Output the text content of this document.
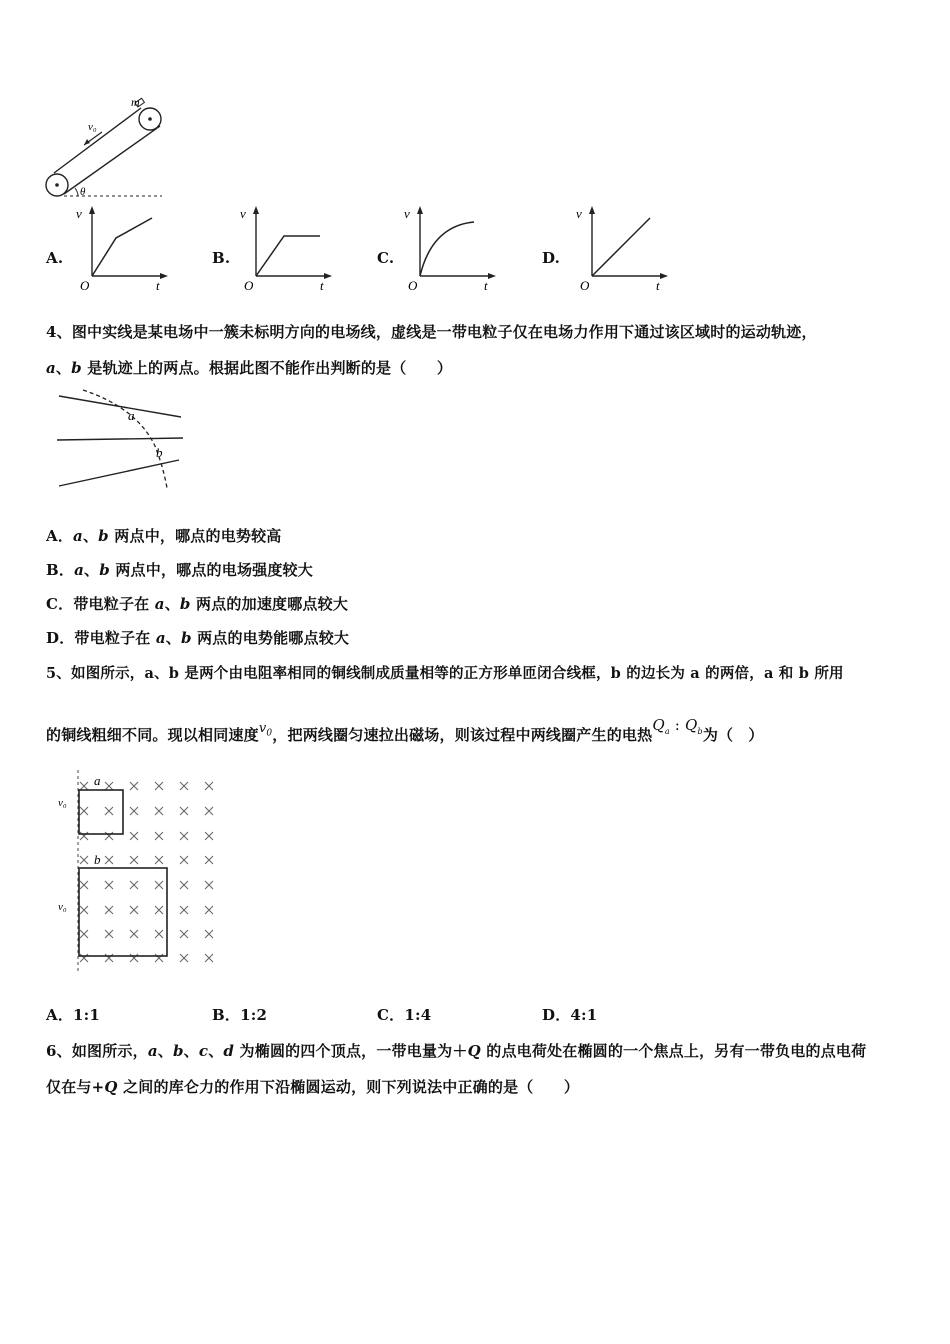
m
v₀
θ
A.
v
O	t
B.
v
O	t
C.
v
O	t
D.
v
O	t
4、图中实线是某电场中一簇未标明方向的电场线，虚线是一带电粒子仅在电场力作用下通过该区域时的运动轨迹，
a、b 是轨迹上的两点。根据此图不能作出判断的是（　　）
a
b
A．a、b 两点中，哪点的电势较高
B．a、b 两点中，哪点的电场强度较大
C．带电粒子在 a、b 两点的加速度哪点较大
D．带电粒子在 a、b 两点的电势能哪点较大
5、如图所示，a、b 是两个由电阻率相同的铜线制成质量相等的正方形单匝闭合线框，b 的边长为 a 的两倍，a 和 b 所用
的铜线粗细不同。现以相同速度$v_0$，把两线圈匀速拉出磁场，则该过程中两线圈产生的电热$Q_a$ : $Q_b$为（　）
a
b
v₀
v₀
A．1:1	B．1:2	C．1:4	D．4:1
6、如图所示，a、b、c、d 为椭圆的四个顶点，一带电量为＋Q 的点电荷处在椭圆的一个焦点上，另有一带负电的点电荷
仅在与+Q 之间的库仑力的作用下沿椭圆运动，则下列说法中正确的是（　　）
